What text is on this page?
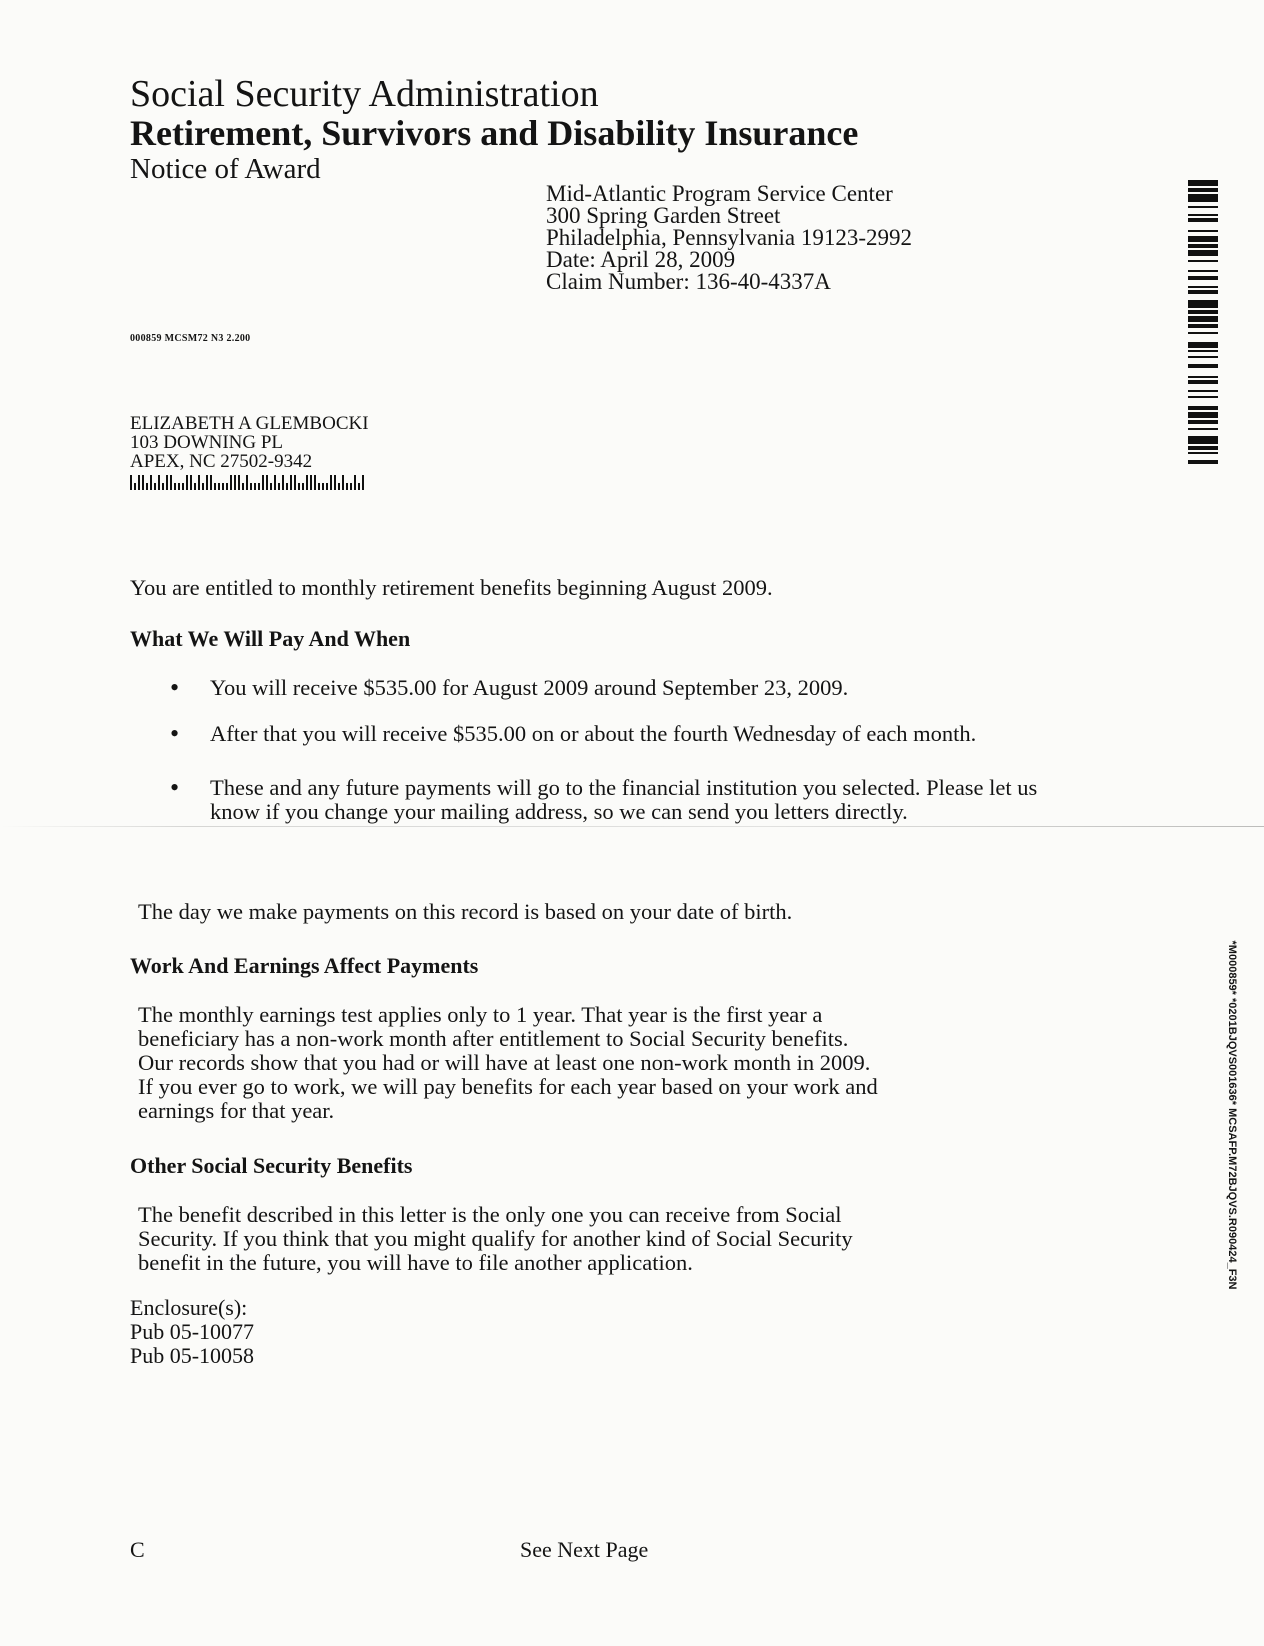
Social Security Administration
Retirement, Survivors and Disability Insurance
Notice of Award
Mid-Atlantic Program Service Center
300 Spring Garden Street
Philadelphia, Pennsylvania 19123-2992
Date: April 28, 2009
Claim Number: 136-40-4337A
000859 MCSM72 N3 2.200
ELIZABETH A GLEMBOCKI
103 DOWNING PL
APEX, NC 27502-9342
You are entitled to monthly retirement benefits beginning August 2009.
What We Will Pay And When
• You will receive $535.00 for August 2009 around September 23, 2009.
• After that you will receive $535.00 on or about the fourth Wednesday of each month.
• These and any future payments will go to the financial institution you selected. Please let us know if you change your mailing address, so we can send you letters directly.
The day we make payments on this record is based on your date of birth.
Work And Earnings Affect Payments
The monthly earnings test applies only to 1 year. That year is the first year a
beneficiary has a non-work month after entitlement to Social Security benefits.
Our records show that you had or will have at least one non-work month in 2009.
If you ever go to work, we will pay benefits for each year based on your work and
earnings for that year.
Other Social Security Benefits
The benefit described in this letter is the only one you can receive from Social
Security. If you think that you might qualify for another kind of Social Security
benefit in the future, you will have to file another application.
Enclosure(s):
Pub 05-10077
Pub 05-10058
C	See Next Page
*M000859* *0201BJQVS001636* MCSAFP.M72BJQVS.R090424_F3N
